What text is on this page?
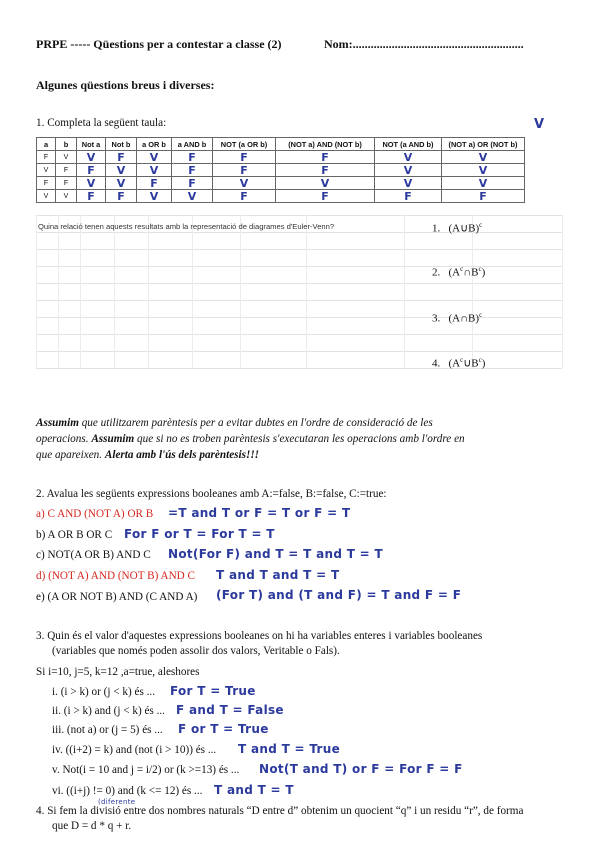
PRPE ----- Qüestions per a contestar a classe (2)	Nom:.........................................................
Algunes qüestions breus i diverses:
1. Completa la següent taula:	V
a	b	Not a	Not b	a OR b	a AND b	NOT (a OR b)	(NOT a) AND (NOT b)	NOT (a AND b)	(NOT a) OR (NOT b)
F	V	V	F	V	F	F	F	V	V
V	F	F	V	V	F	F	F	V	V
F	F	V	V	F	F	V	V	V	V
V	V	F	F	V	V	F	F	F	F
Quina relació tenen aquests resultats amb la representació de diagrames d'Euler-Venn?	1. (A∪B)$^c$
2. $(A^c\cap B^c)$
3. (A∩B)$^c$
4. $(A^c\cup B^c)$
Assumim que utilitzarem parèntesis per a evitar dubtes en l'ordre de consideració de les
operacions. Assumim que si no es troben parèntesis s'executaran les operacions amb l'ordre en
que apareixen. Alerta amb l'ús dels parèntesis!!!
2. Avalua les següents expressions booleanes amb A:=false, B:=false, C:=true:
a) C AND (NOT A) OR B =T and T or F = T or F = T
b) A OR B OR C For F or T = For T = T
c) NOT(A OR B) AND C Not(For F) and T = T and T = T
d) (NOT A) AND (NOT B) AND C T and T and T = T
e) (A OR NOT B) AND (C AND A) (For T) and (T and F) = T and F = F
3. Quin és el valor d'aquestes expressions booleanes on hi ha variables enteres i variables booleanes
(variables que només poden assolir dos valors, Veritable o Fals).
Si i=10, j=5, k=12 ,a=true, aleshores
i. (i > k) or (j < k) és ... For T = True
ii. (i > k) and (j < k) és ... F and T = False
iii. (not a) or (j = 5) és ... F or T = True
iv. ((i+2) = k) and (not (i > 10)) és ... T and T = True
v. Not(i = 10 and j = i/2) or (k >=13) és ... Not(T and T) or F = For F = F
vi. ((i+j) != 0) and (k <= 12) és ... T and T = T
(diferente
4. Si fem la divisió entre dos nombres naturals “D entre d” obtenim un quocient “q” i un residu “r”, de forma
que D = d * q + r.
